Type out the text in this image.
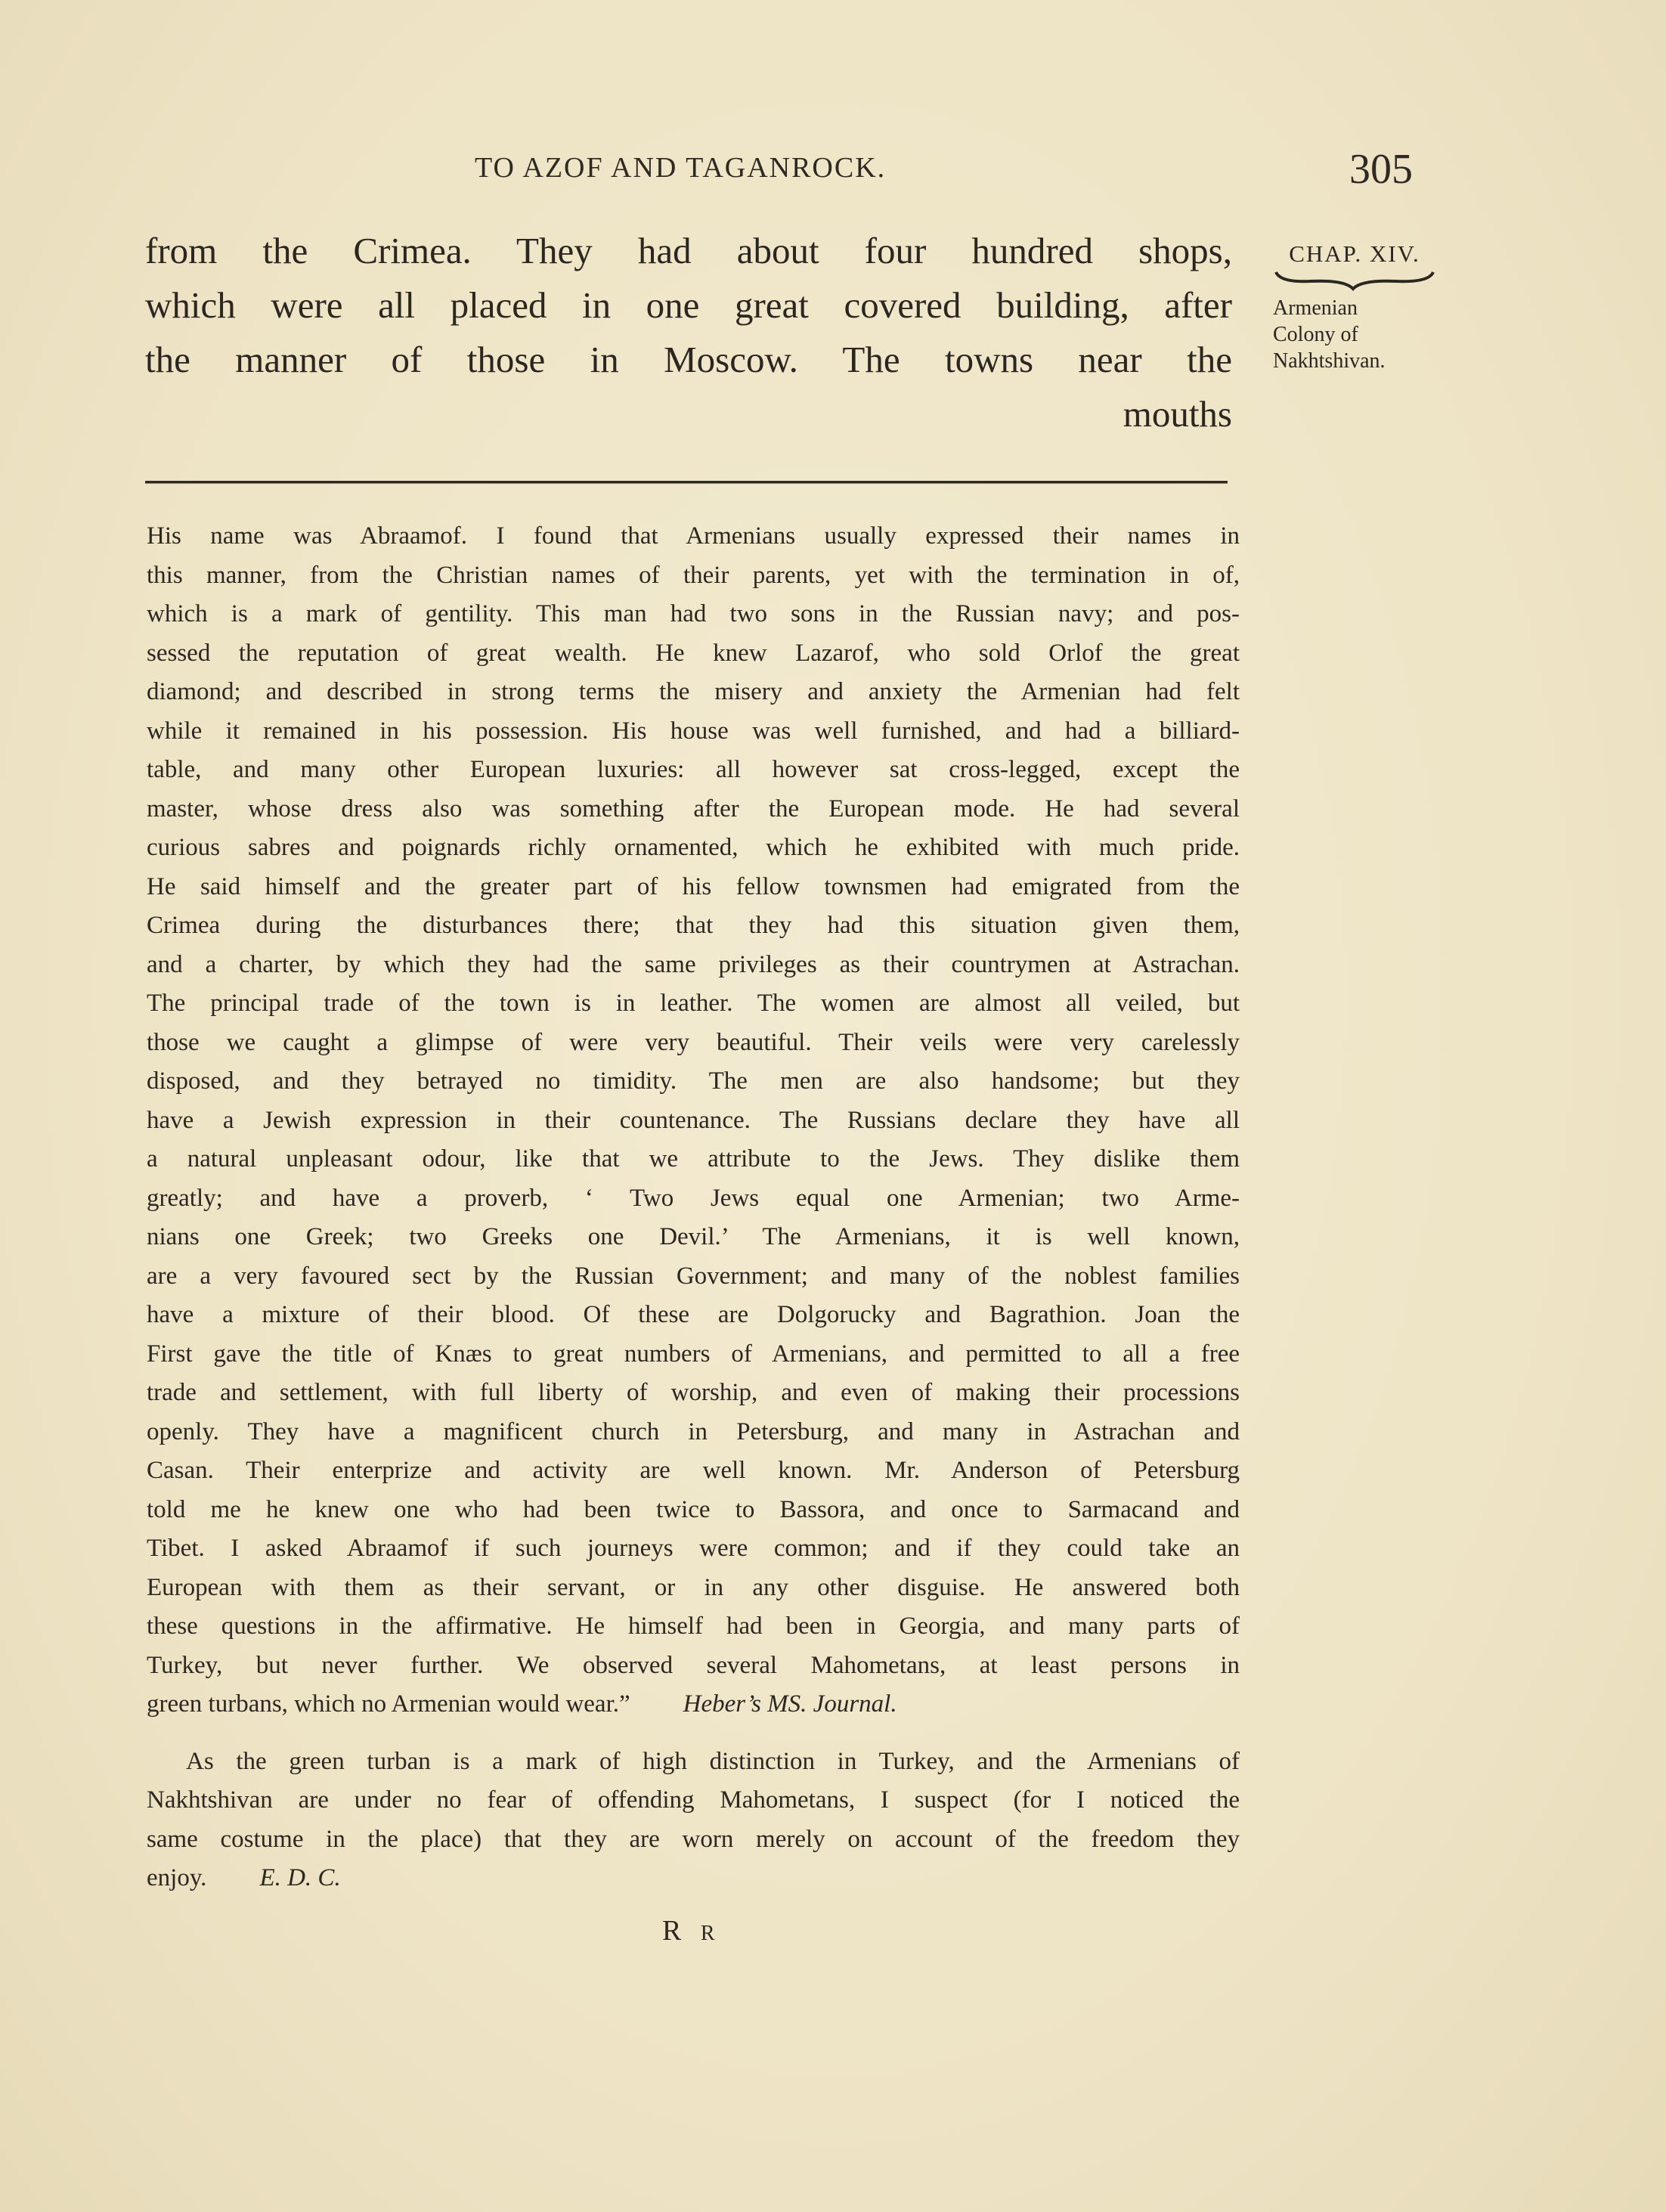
TO AZOF AND TAGANROCK.	305
from the Crimea. They had about four hundred shops,
which were all placed in one great covered building, after
the manner of those in Moscow. The towns near the
mouths
CHAP. XIV.
Armenian
Colony of
Nakhtshivan.
His name was Abraamof. I found that Armenians usually expressed their names in
this manner, from the Christian names of their parents, yet with the termination in of,
which is a mark of gentility. This man had two sons in the Russian navy; and pos-
sessed the reputation of great wealth. He knew Lazarof, who sold Orlof the great
diamond; and described in strong terms the misery and anxiety the Armenian had felt
while it remained in his possession. His house was well furnished, and had a billiard-
table, and many other European luxuries: all however sat cross-legged, except the
master, whose dress also was something after the European mode. He had several
curious sabres and poignards richly ornamented, which he exhibited with much pride.
He said himself and the greater part of his fellow townsmen had emigrated from the
Crimea during the disturbances there; that they had this situation given them,
and a charter, by which they had the same privileges as their countrymen at Astrachan.
The principal trade of the town is in leather. The women are almost all veiled, but
those we caught a glimpse of were very beautiful. Their veils were very carelessly
disposed, and they betrayed no timidity. The men are also handsome; but they
have a Jewish expression in their countenance. The Russians declare they have all
a natural unpleasant odour, like that we attribute to the Jews. They dislike them
greatly; and have a proverb, ‘ Two Jews equal one Armenian; two Arme-
nians one Greek; two Greeks one Devil.’ The Armenians, it is well known,
are a very favoured sect by the Russian Government; and many of the noblest families
have a mixture of their blood. Of these are Dolgorucky and Bagrathion. Joan the
First gave the title of Knæs to great numbers of Armenians, and permitted to all a free
trade and settlement, with full liberty of worship, and even of making their processions
openly. They have a magnificent church in Petersburg, and many in Astrachan and
Casan. Their enterprize and activity are well known. Mr. Anderson of Petersburg
told me he knew one who had been twice to Bassora, and once to Sarmacand and
Tibet. I asked Abraamof if such journeys were common; and if they could take an
European with them as their servant, or in any other disguise. He answered both
these questions in the affirmative. He himself had been in Georgia, and many parts of
Turkey, but never further. We observed several Mahometans, at least persons in
green turbans, which no Armenian would wear.” Heber’s MS. Journal.
As the green turban is a mark of high distinction in Turkey, and the Armenians of
Nakhtshivan are under no fear of offending Mahometans, I suspect (for I noticed the
same costume in the place) that they are worn merely on account of the freedom they
enjoy. E. D. C.
R R
